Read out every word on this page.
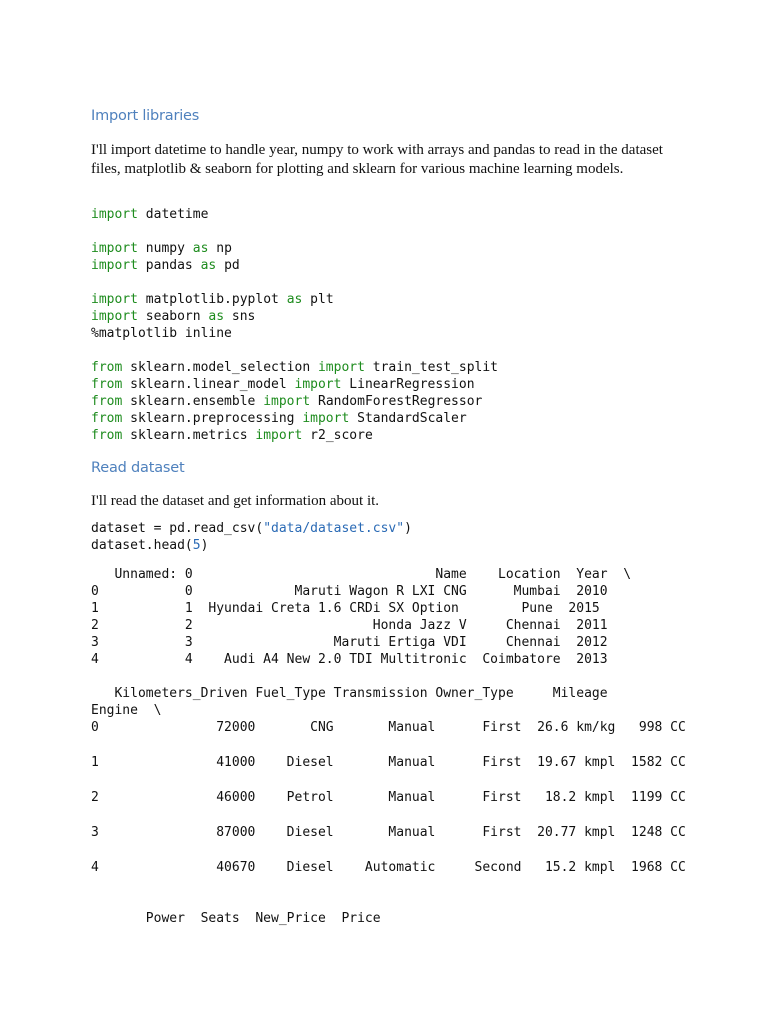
Import libraries
I'll import datetime to handle year, numpy to work with arrays and pandas to read in the dataset files, matplotlib & seaborn for plotting and sklearn for various machine learning models.
import datetime
import numpy as np
import pandas as pd
import matplotlib.pyplot as plt
import seaborn as sns
%matplotlib inline
from sklearn.model_selection import train_test_split
from sklearn.linear_model import LinearRegression
from sklearn.ensemble import RandomForestRegressor
from sklearn.preprocessing import StandardScaler
from sklearn.metrics import r2_score
Read dataset
I'll read the dataset and get information about it.
dataset = pd.read_csv("data/dataset.csv")
dataset.head(5)
Unnamed: 0                               Name    Location  Year  \
0           0             Maruti Wagon R LXI CNG      Mumbai  2010
1           1  Hyundai Creta 1.6 CRDi SX Option        Pune  2015
2           2                       Honda Jazz V     Chennai  2011
3           3                  Maruti Ertiga VDI     Chennai  2012
4           4    Audi A4 New 2.0 TDI Multitronic  Coimbatore  2013
Kilometers_Driven Fuel_Type Transmission Owner_Type     Mileage
Engine  \
0               72000       CNG       Manual      First  26.6 km/kg   998 CC
1               41000    Diesel       Manual      First  19.67 kmpl  1582 CC
2               46000    Petrol       Manual      First   18.2 kmpl  1199 CC
3               87000    Diesel       Manual      First  20.77 kmpl  1248 CC
4               40670    Diesel    Automatic     Second   15.2 kmpl  1968 CC
Power  Seats  New_Price  Price
